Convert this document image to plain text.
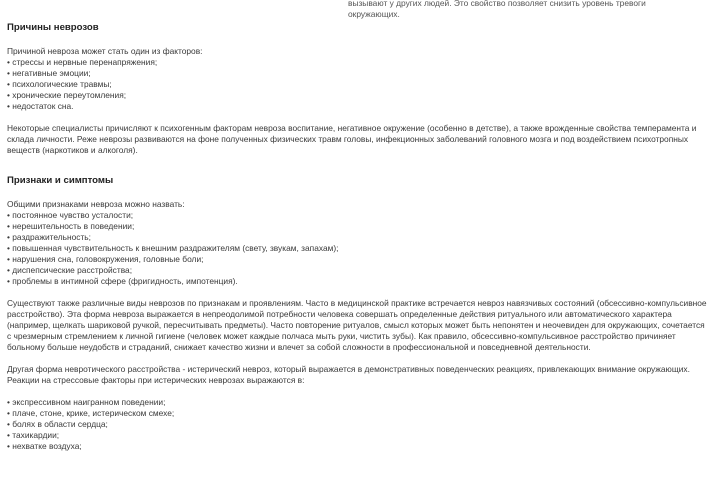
вызывают у других людей. Это свойство позволяет снизить уровень тревоги
окружающих.
Причины неврозов

Причиной невроза может стать один из факторов:

• стрессы и нервные перенапряжения;
• негативные эмоции;
• психологические травмы;
• хронические переутомления;
• недостаток сна.

Некоторые специалисты причисляют к психогенным факторам невроза воспитание, негативное окружение (особенно в детстве), а также врожденные свойства темперамента и склада личности. Реже неврозы развиваются на фоне полученных физических травм головы, инфекционных заболеваний головного мозга и под воздействием психотропных веществ (наркотиков и алкоголя).

Признаки и симптомы

Общими признаками невроза можно назвать:

• постоянное чувство усталости;
• нерешительность в поведении;
• раздражительность;
• повышенная чувствительность к внешним раздражителям (свету, звукам, запахам);
• нарушения сна, головокружения, головные боли;
• диспепсические расстройства;
• проблемы в интимной сфере (фригидность, импотенция).

Существуют также различные виды неврозов по признакам и проявлениям. Часто в медицинской практике встречается невроз навязчивых состояний (обсессивно-компульсивное расстройство). Эта форма невроза выражается в непреодолимой потребности человека совершать определенные действия ритуального или автоматического характера (например, щелкать шариковой ручкой, пересчитывать предметы). Часто повторение ритуалов, смысл которых может быть непонятен и неочевиден для окружающих, сочетается с чрезмерным стремлением к личной гигиене (человек может каждые полчаса мыть руки, чистить зубы). Как правило, обсессивно-компульсивное расстройство причиняет больному больше неудобств и страданий, снижает качество жизни и влечет за собой сложности в профессиональной и повседневной деятельности.

Другая форма невротического расстройства - истерический невроз, который выражается в демонстративных поведенческих реакциях, привлекающих внимание окружающих. Реакции на стрессовые факторы при истерических неврозах выражаются в:

• экспрессивном наигранном поведении;
• плаче, стоне, крике, истерическом смехе;
• болях в области сердца;
• тахикардии;
• нехватке воздуха;
